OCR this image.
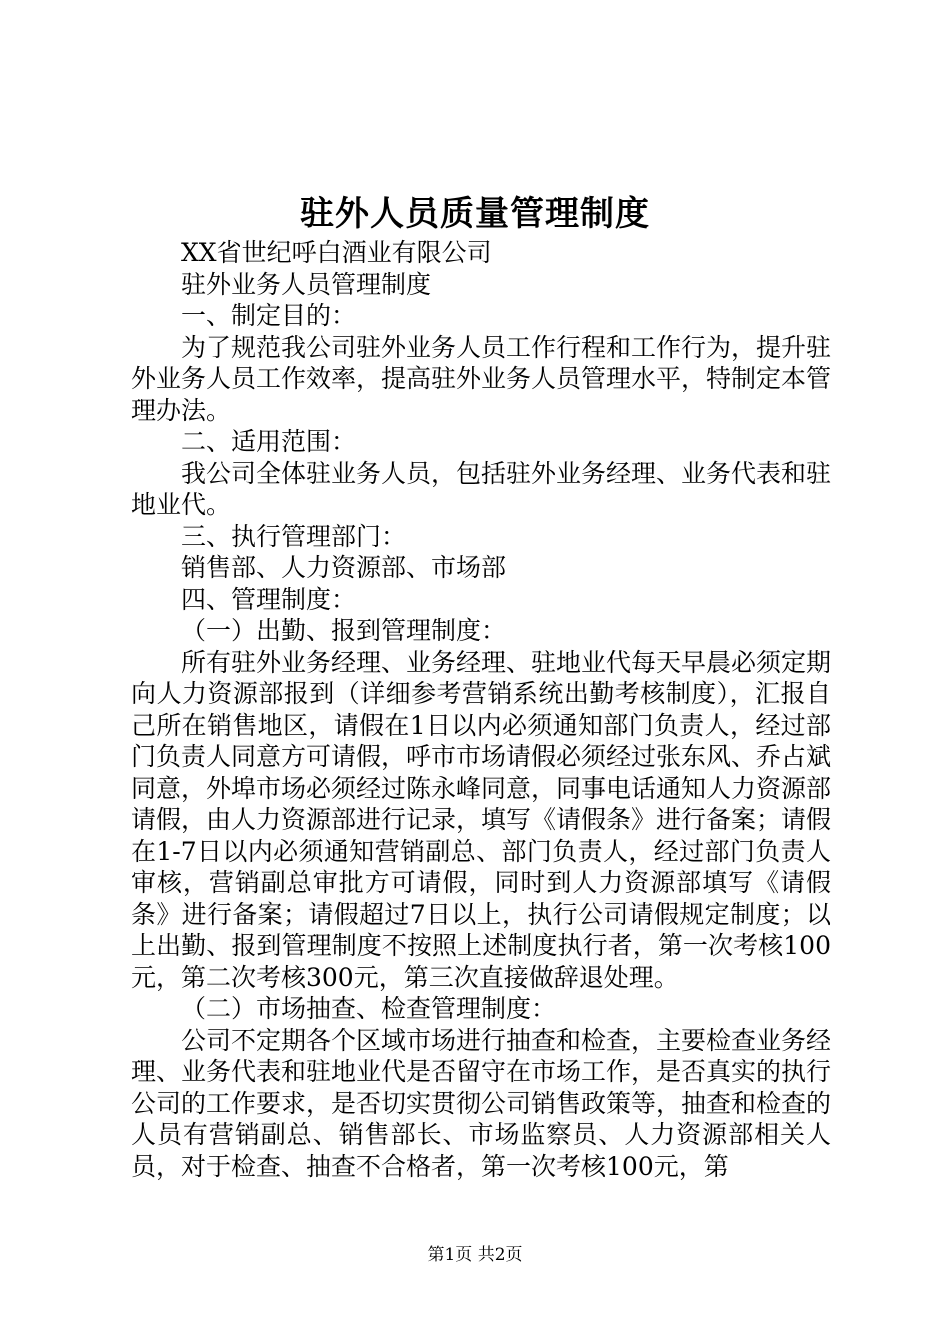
驻外人员质量管理制度

XX省世纪呼白酒业有限公司

驻外业务人员管理制度

一、制定目的：

为了规范我公司驻外业务人员工作行程和工作行为，提升驻外业务人员工作效率，提高驻外业务人员管理水平，特制定本管理办法。

二、适用范围：

我公司全体驻业务人员，包括驻外业务经理、业务代表和驻地业代。

三、执行管理部门：

销售部、人力资源部、市场部

四、管理制度：

（一）出勤、报到管理制度：

所有驻外业务经理、业务经理、驻地业代每天早晨必须定期向人力资源部报到（详细参考营销系统出勤考核制度），汇报自己所在销售地区，请假在1日以内必须通知部门负责人，经过部门负责人同意方可请假，呼市市场请假必须经过张东风、乔占斌同意，外埠市场必须经过陈永峰同意，同事电话通知人力资源部请假，由人力资源部进行记录，填写《请假条》进行备案；请假在1-7日以内必须通知营销副总、部门负责人，经过部门负责人审核，营销副总审批方可请假，同时到人力资源部填写《请假条》进行备案；请假超过7日以上，执行公司请假规定制度；以上出勤、报到管理制度不按照上述制度执行者，第一次考核100元，第二次考核300元，第三次直接做辞退处理。

（二）市场抽查、检查管理制度：

公司不定期各个区域市场进行抽查和检查，主要检查业务经理、业务代表和驻地业代是否留守在市场工作，是否真实的执行公司的工作要求，是否切实贯彻公司销售政策等，抽查和检查的人员有营销副总、销售部长、市场监察员、人力资源部相关人员，对于检查、抽查不合格者，第一次考核100元，第

第1页 共2页
